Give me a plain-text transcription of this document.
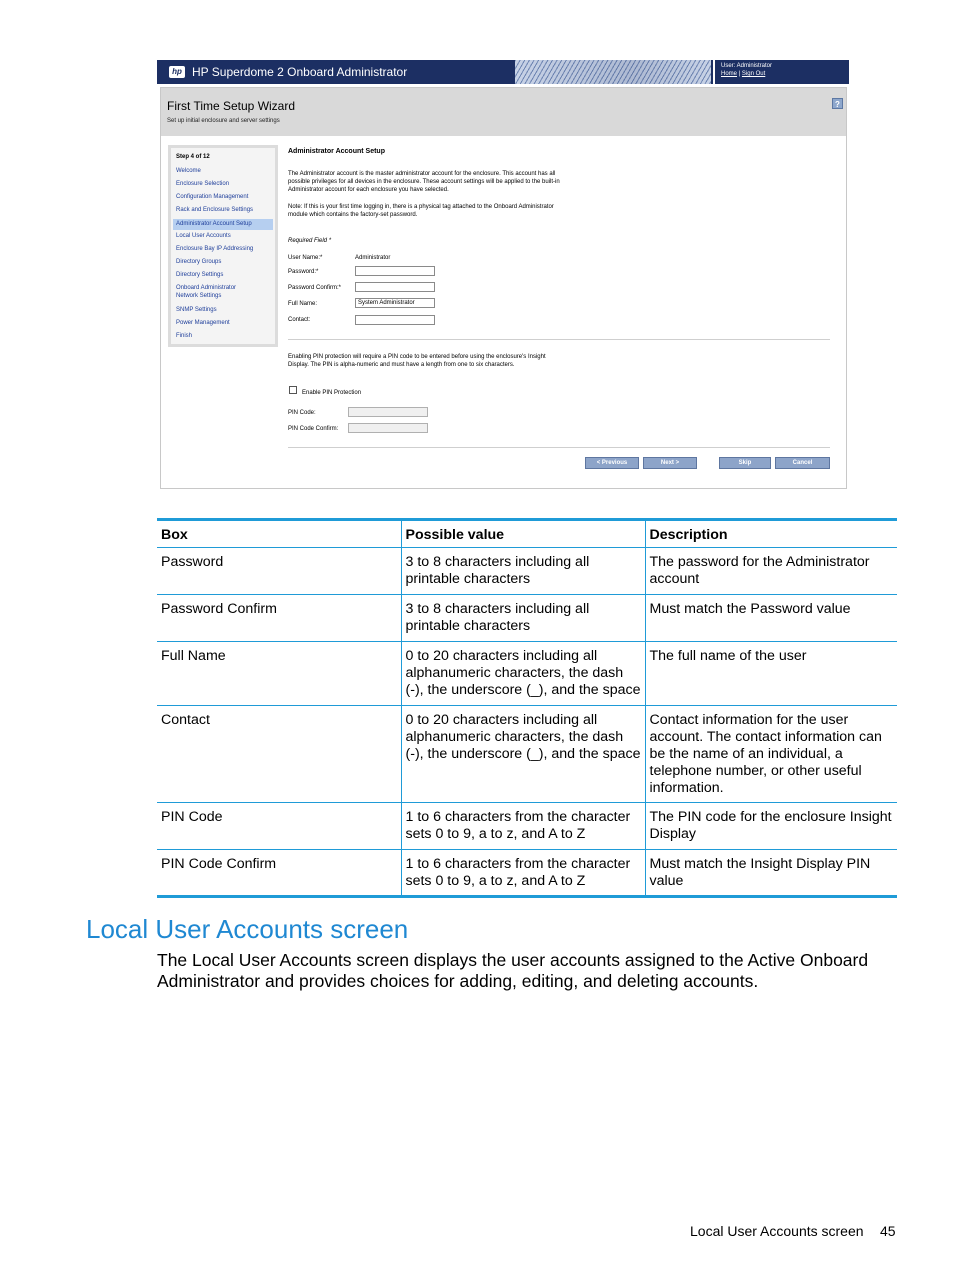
hp HP Superdome 2 Onboard Administrator	User: Administrator
Home | Sign Out
First Time Setup Wizard
Set up initial enclosure and server settings
?
Step 4 of 12
Welcome
Enclosure Selection
Configuration Management
Rack and Enclosure Settings
Administrator Account Setup
Local User Accounts
Enclosure Bay IP Addressing
Directory Groups
Directory Settings
Onboard Administrator
Network Settings
SNMP Settings
Power Management
Finish
Administrator Account Setup
The Administrator account is the master administrator account for the enclosure. This account has all
possible privileges for all devices in the enclosure. These account settings will be applied to the built-in
Administrator account for each enclosure you have selected.
Note: If this is your first time logging in, there is a physical tag attached to the Onboard Administrator
module which contains the factory-set password.
Required Field *
User Name:*	Administrator
Password:*
Password Confirm:*
Full Name:	System Administrator
Contact:
Enabling PIN protection will require a PIN code to be entered before using the enclosure's Insight
Display. The PIN is alpha-numeric and must have a length from one to six characters.
Enable PIN Protection
PIN Code:
PIN Code Confirm:
< Previous	Next >	Skip	Cancel
Box	Possible value	Description
Password	3 to 8 characters including all printable characters	The password for the Administrator account
Password Confirm	3 to 8 characters including all printable characters	Must match the Password value
Full Name	0 to 20 characters including all alphanumeric characters, the dash (-), the underscore (_), and the space	The full name of the user
Contact	0 to 20 characters including all alphanumeric characters, the dash (-), the underscore (_), and the space	Contact information for the user account. The contact information can be the name of an individual, a telephone number, or other useful information.
PIN Code	1 to 6 characters from the character sets 0 to 9, a to z, and A to Z	The PIN code for the enclosure Insight Display
PIN Code Confirm	1 to 6 characters from the character sets 0 to 9, a to z, and A to Z	Must match the Insight Display PIN value
Local User Accounts screen

The Local User Accounts screen displays the user accounts assigned to the Active Onboard Administrator and provides choices for adding, editing, and deleting accounts.

Local User Accounts screen 45
